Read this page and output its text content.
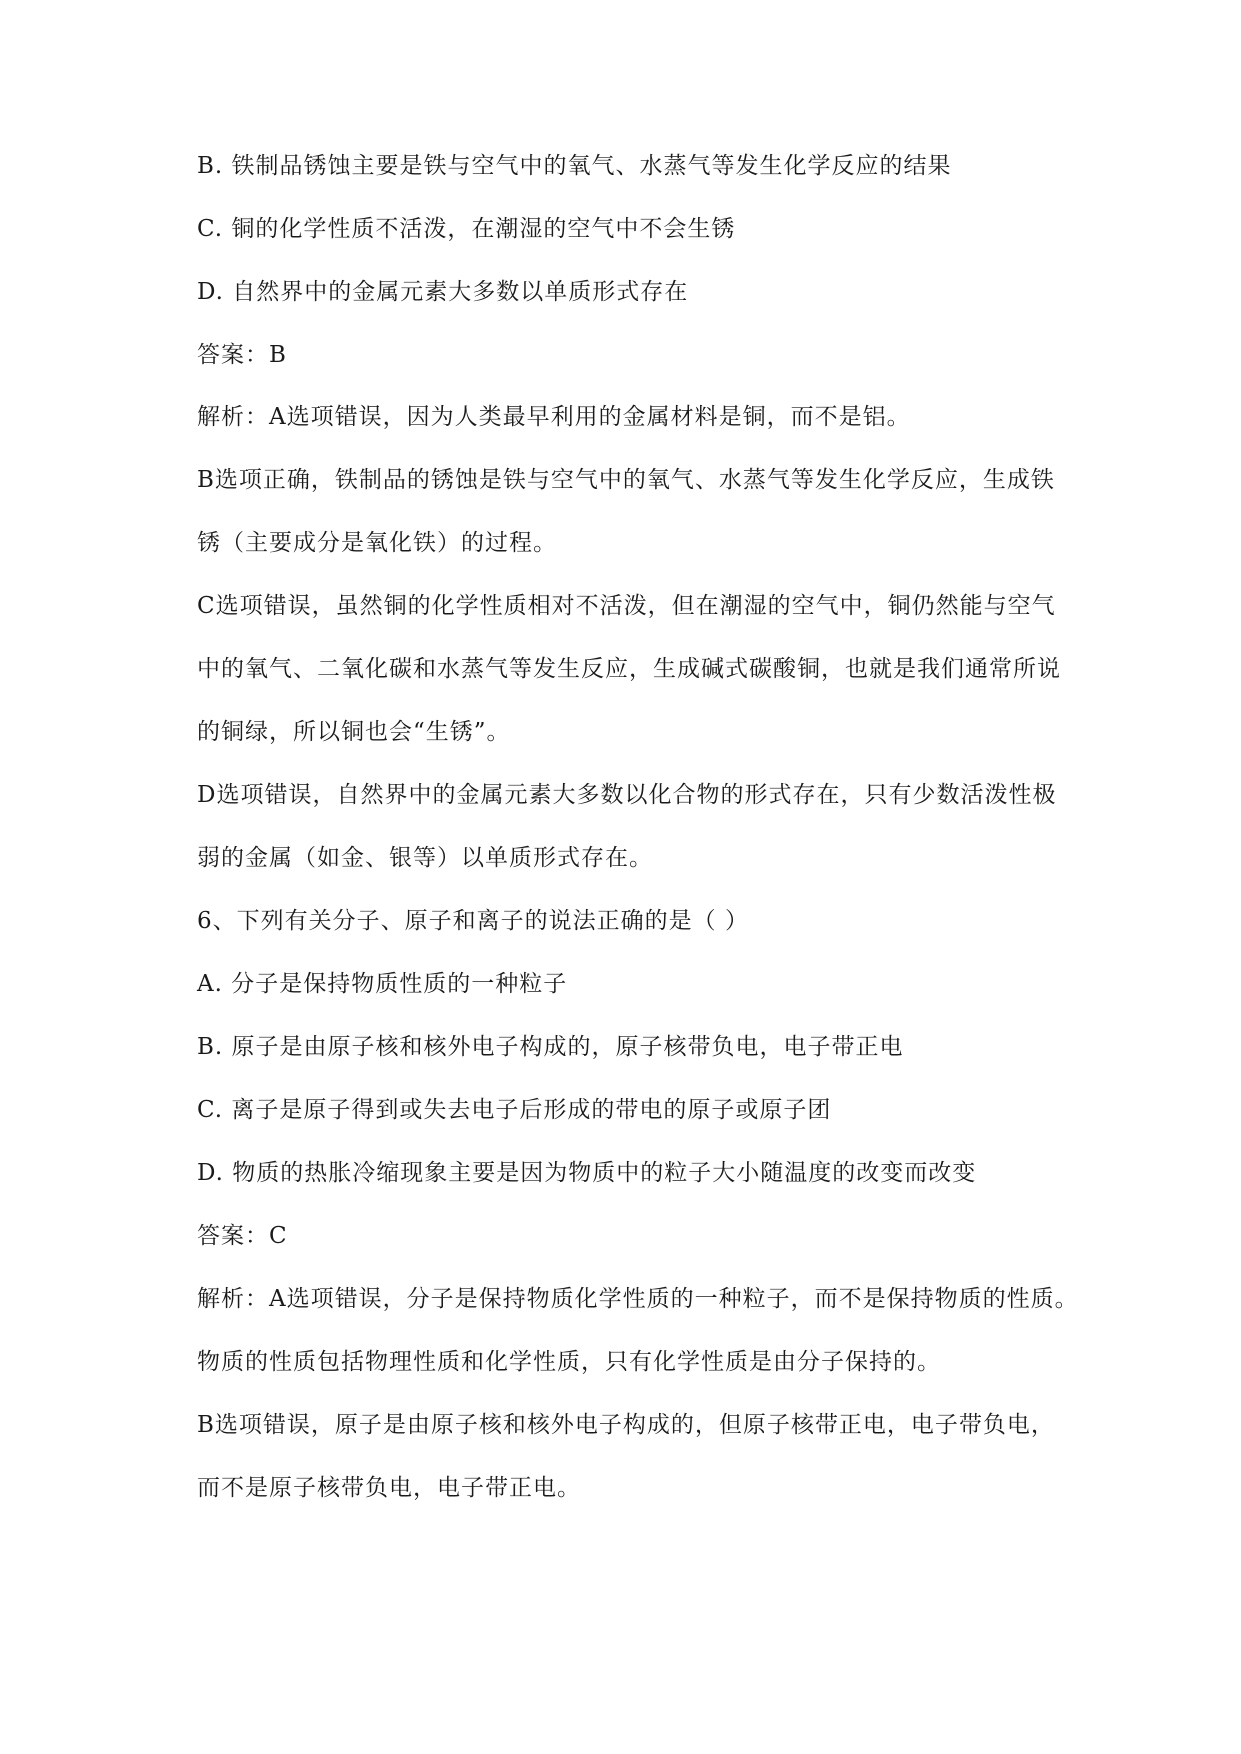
B. 铁制品锈蚀主要是铁与空气中的氧气、水蒸气等发生化学反应的结果

C. 铜的化学性质不活泼，在潮湿的空气中不会生锈

D. 自然界中的金属元素大多数以单质形式存在

答案：B

解析：A选项错误，因为人类最早利用的金属材料是铜，而不是铝。

B选项正确，铁制品的锈蚀是铁与空气中的氧气、水蒸气等发生化学反应，生成铁

锈（主要成分是氧化铁）的过程。

C选项错误，虽然铜的化学性质相对不活泼，但在潮湿的空气中，铜仍然能与空气

中的氧气、二氧化碳和水蒸气等发生反应，生成碱式碳酸铜，也就是我们通常所说

的铜绿，所以铜也会“生锈”。

D选项错误，自然界中的金属元素大多数以化合物的形式存在，只有少数活泼性极

弱的金属（如金、银等）以单质形式存在。

6、下列有关分子、原子和离子的说法正确的是（ ）

A. 分子是保持物质性质的一种粒子

B. 原子是由原子核和核外电子构成的，原子核带负电，电子带正电

C. 离子是原子得到或失去电子后形成的带电的原子或原子团

D. 物质的热胀冷缩现象主要是因为物质中的粒子大小随温度的改变而改变

答案：C

解析：A选项错误，分子是保持物质化学性质的一种粒子，而不是保持物质的性质。

物质的性质包括物理性质和化学性质，只有化学性质是由分子保持的。

B选项错误，原子是由原子核和核外电子构成的，但原子核带正电，电子带负电，

而不是原子核带负电，电子带正电。
